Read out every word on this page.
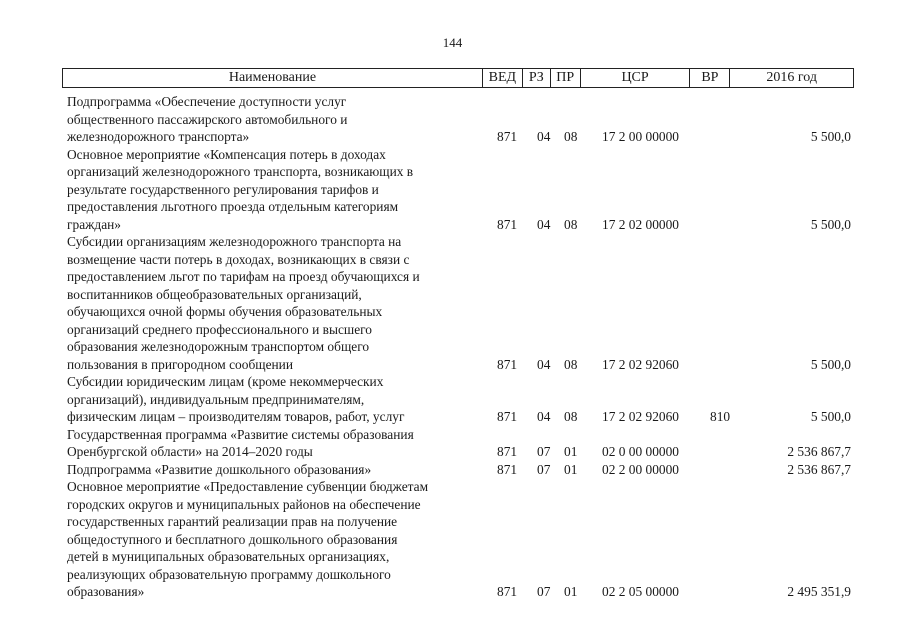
144
Наименование	ВЕД РЗ ПР	ЦСР	ВР	2016 год
Подпрограмма «Обеспечение доступности услуг
общественного пассажирского автомобильного и
железнодорожного транспорта»	871 04 08 17 2 00 00000	5 500,0
Основное мероприятие «Компенсация потерь в доходах
организаций железнодорожного транспорта, возникающих в
результате государственного регулирования тарифов и
предоставления льготного проезда отдельным категориям
граждан»	871 04 08 17 2 02 00000	5 500,0
Субсидии организациям железнодорожного транспорта на
возмещение части потерь в доходах, возникающих в связи с
предоставлением льгот по тарифам на проезд обучающихся и
воспитанников общеобразовательных организаций,
обучающихся очной формы обучения образовательных
организаций среднего профессионального и высшего
образования железнодорожным транспортом общего
пользования в пригородном сообщении	871 04 08 17 2 02 92060	5 500,0
Субсидии юридическим лицам (кроме некоммерческих
организаций), индивидуальным предпринимателям,
физическим лицам – производителям товаров, работ, услуг	871 04 08 17 2 02 92060 810	5 500,0
Государственная программа «Развитие системы образования
Оренбургской области» на 2014–2020 годы	871 07 01 02 0 00 00000	2 536 867,7
Подпрограмма «Развитие дошкольного образования»	871 07 01 02 2 00 00000	2 536 867,7
Основное мероприятие «Предоставление субвенции бюджетам
городских округов и муниципальных районов на обеспечение
государственных гарантий реализации прав на получение
общедоступного и бесплатного дошкольного образования
детей в муниципальных образовательных организациях,
реализующих образовательную программу дошкольного
образования»	871 07 01 02 2 05 00000	2 495 351,9
